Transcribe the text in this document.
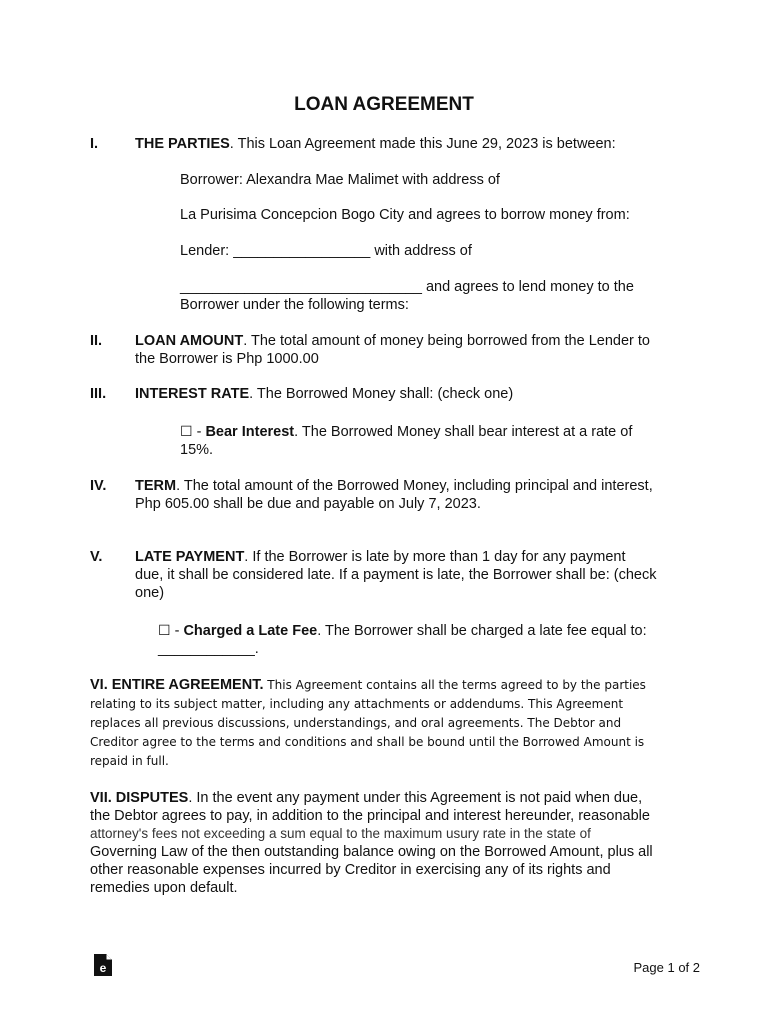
LOAN AGREEMENT
I.	THE PARTIES. This Loan Agreement made this June 29, 2023 is between:
Borrower: Alexandra Mae Malimet with address of
La Purisima Concepcion Bogo City and agrees to borrow money from:
Lender: _________________ with address of
______________________________ and agrees to lend money to the
Borrower under the following terms:
II. LOAN AMOUNT. The total amount of money being borrowed from the Lender to
the Borrower is Php 1000.00
III. INTEREST RATE. The Borrowed Money shall: (check one)
☐ - Bear Interest. The Borrowed Money shall bear interest at a rate of
15%.
IV. TERM. The total amount of the Borrowed Money, including principal and interest,
Php 605.00 shall be due and payable on July 7, 2023.
V. LATE PAYMENT. If the Borrower is late by more than 1 day for any payment
due, it shall be considered late. If a payment is late, the Borrower shall be: (check
one)
☐ - Charged a Late Fee. The Borrower shall be charged a late fee equal to:
____________.
VI. ENTIRE AGREEMENT. This Agreement contains all the terms agreed to by the parties
relating to its subject matter, including any attachments or addendums. This Agreement
replaces all previous discussions, understandings, and oral agreements. The Debtor and
Creditor agree to the terms and conditions and shall be bound until the Borrowed Amount is
repaid in full.
VII. DISPUTES. In the event any payment under this Agreement is not paid when due,
the Debtor agrees to pay, in addition to the principal and interest hereunder, reasonable
attorney's fees not exceeding a sum equal to the maximum usury rate in the state of
Governing Law of the then outstanding balance owing on the Borrowed Amount, plus all
other reasonable expenses incurred by Creditor in exercising any of its rights and
remedies upon default.
e	Page 1 of 2
